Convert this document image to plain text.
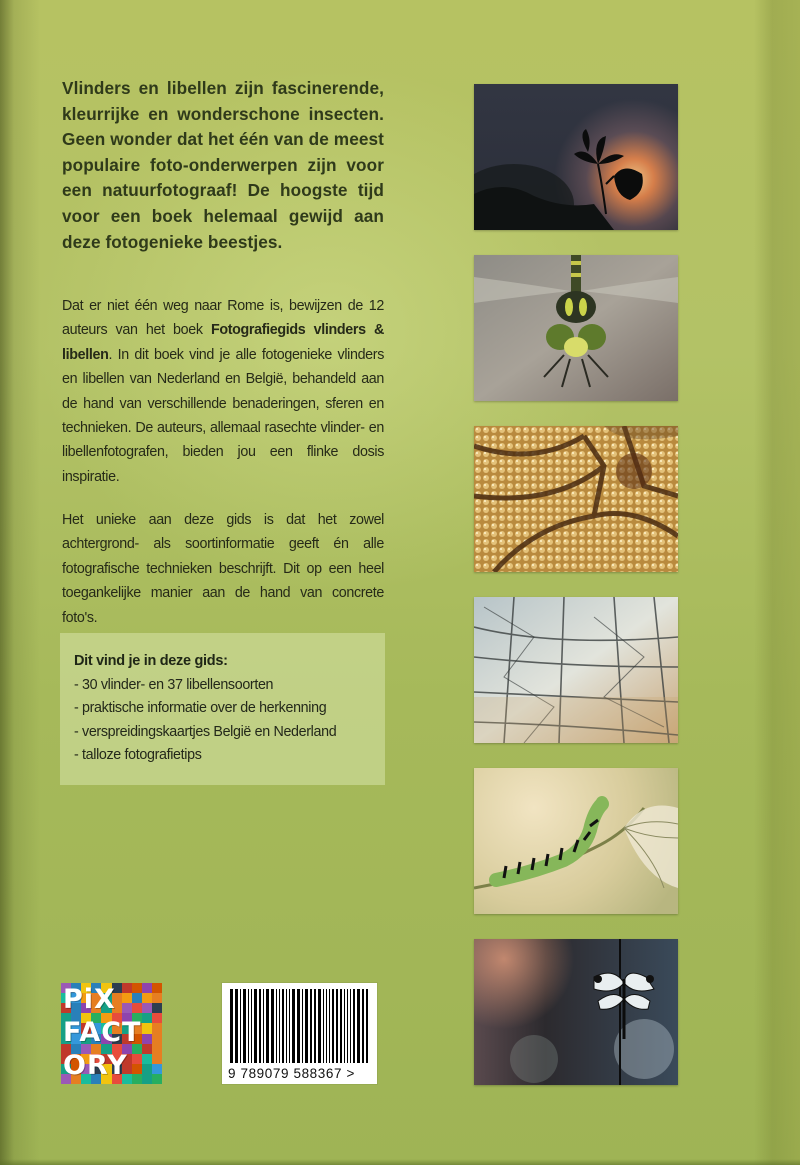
Vlinders en libellen zijn fascinerende, kleurrijke en wonderschone insecten. Geen wonder dat het één van de meest populaire foto-onderwerpen zijn voor een natuurfotograaf! De hoogste tijd voor een boek helemaal gewijd aan deze fotogenieke beestjes.

Dat er niet één weg naar Rome is, bewijzen de 12 auteurs van het boek Fotografiegids vlinders & libellen. In dit boek vind je alle fotogenieke vlinders en libellen van Nederland en België, behandeld aan de hand van verschillende benaderingen, sferen en technieken. De auteurs, allemaal rasechte vlinder- en libellenfotografen, bieden jou een flinke dosis inspiratie.

Het unieke aan deze gids is dat het zowel achtergrond- als soortinformatie geeft én alle fotografische technieken beschrijft. Dit op een heel toegankelijke manier aan de hand van concrete foto's.

Dit vind je in deze gids:
- 30 vlinder- en 37 libellensoorten
- praktische informatie over de herkenning
- verspreidingskaartjes België en Nederland
- talloze fotografietips
PiX
FACT
ORY	9 789079 588367 >
